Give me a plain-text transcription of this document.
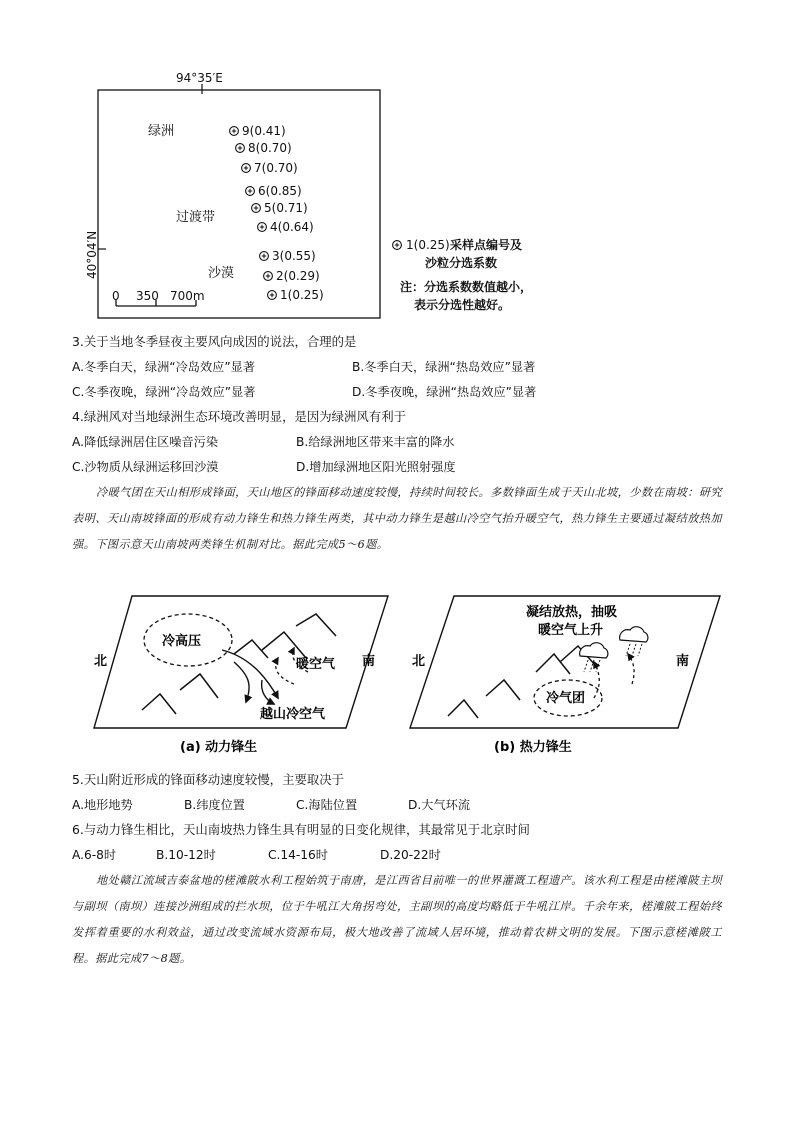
94°35′E
40°04′N
绿洲
过渡带
沙漠
9(0.41)
8(0.70)
7(0.70)
6(0.85)
5(0.71)
4(0.64)
3(0.55)
2(0.29)
1(0.25)
0 350 700m
1(0.25) 采样点编号及
沙粒分选系数
注：分选系数数值越小，
表示分选性越好。
3.关于当地冬季昼夜主要风向成因的说法，合理的是
A.冬季白天，绿洲“冷岛效应”显著	B.冬季白天，绿洲“热岛效应”显著
C.冬季夜晚，绿洲“冷岛效应”显著	D.冬季夜晚，绿洲“热岛效应”显著
4.绿洲风对当地绿洲生态环境改善明显，是因为绿洲风有利于
A.降低绿洲居住区噪音污染	B.给绿洲地区带来丰富的降水
C.沙物质从绿洲运移回沙漠	D.增加绿洲地区阳光照射强度
冷暖气团在天山相形成锋面，天山地区的锋面移动速度较慢，持续时间较长。多数锋面生成于天山北坡，少数在南坡：研究表明、天山南坡锋面的形成有动力锋生和热力锋生两类，其中动力锋生是越山冷空气抬升暖空气，热力锋生主要通过凝结放热加强。下图示意天山南坡两类锋生机制对比。据此完成5～6题。
北	南
冷高压
暖空气
越山冷空气
(a) 动力锋生
北	南
凝结放热，抽吸
暖空气上升
冷气团
(b) 热力锋生
5.天山附近形成的锋面移动速度较慢，主要取决于
A.地形地势	B.纬度位置	C.海陆位置	D.大气环流
6.与动力锋生相比，天山南坡热力锋生具有明显的日变化规律，其最常见于北京时间
A.6-8时	B.10-12时	C.14-16时	D.20-22时
地处赣江流域吉泰盆地的槎滩陂水利工程始筑于南唐，是江西省目前唯一的世界灌溉工程遗产。该水利工程是由槎滩陂主坝与副坝（南坝）连接沙洲组成的拦水坝，位于牛吼江大角拐弯处，主副坝的高度均略低于牛吼江岸。千余年来，槎滩陂工程始终发挥着重要的水利效益，通过改变流域水资源布局，极大地改善了流域人居环境，推动着农耕文明的发展。下图示意槎滩陂工程。据此完成7～8题。
